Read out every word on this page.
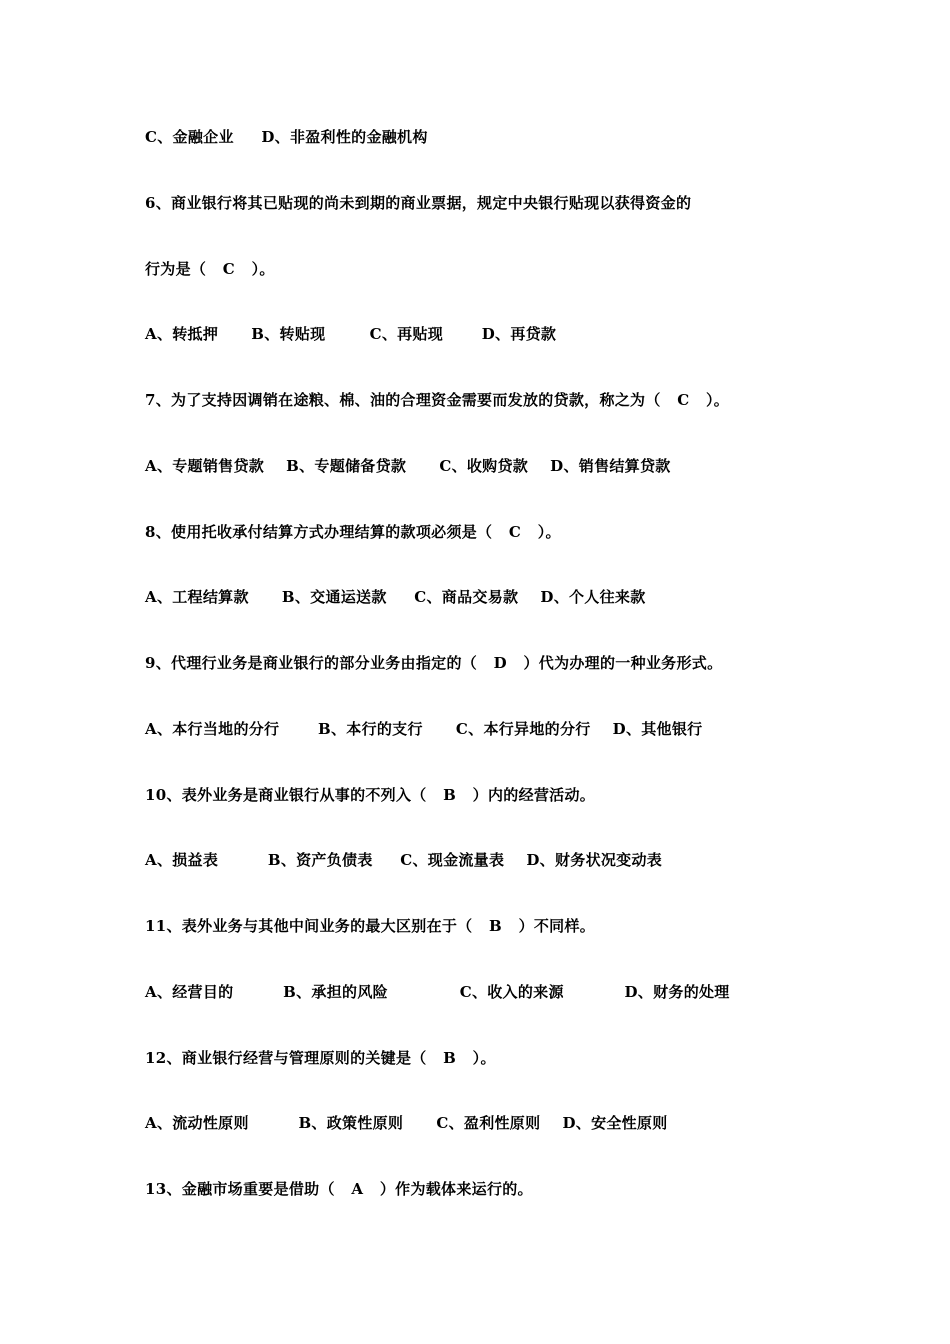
C、金融企业     D、非盈利性的金融机构
6、商业银行将其已贴现的尚未到期的商业票据，规定中央银行贴现以获得资金的
行为是（   C   ）。
A、转抵押      B、转贴现        C、再贴现       D、再贷款
7、为了支持因调销在途粮、棉、油的合理资金需要而发放的贷款，称之为（   C   ）。
A、专题销售贷款    B、专题储备贷款      C、收购贷款    D、销售结算贷款
8、使用托收承付结算方式办理结算的款项必须是（   C   ）。
A、工程结算款      B、交通运送款     C、商品交易款    D、个人往来款
9、代理行业务是商业银行的部分业务由指定的（   D   ）代为办理的一种业务形式。
A、本行当地的分行       B、本行的支行      C、本行异地的分行    D、其他银行
10、表外业务是商业银行从事的不列入（   B   ）内的经营活动。
A、损益表         B、资产负债表     C、现金流量表    D、财务状况变动表
11、表外业务与其他中间业务的最大区别在于（   B   ）不同样。
A、经营目的         B、承担的风险             C、收入的来源           D、财务的处理
12、商业银行经营与管理原则的关键是（   B   ）。
A、流动性原则         B、政策性原则      C、盈利性原则    D、安全性原则
13、金融市场重要是借助（   A   ）作为载体来运行的。
